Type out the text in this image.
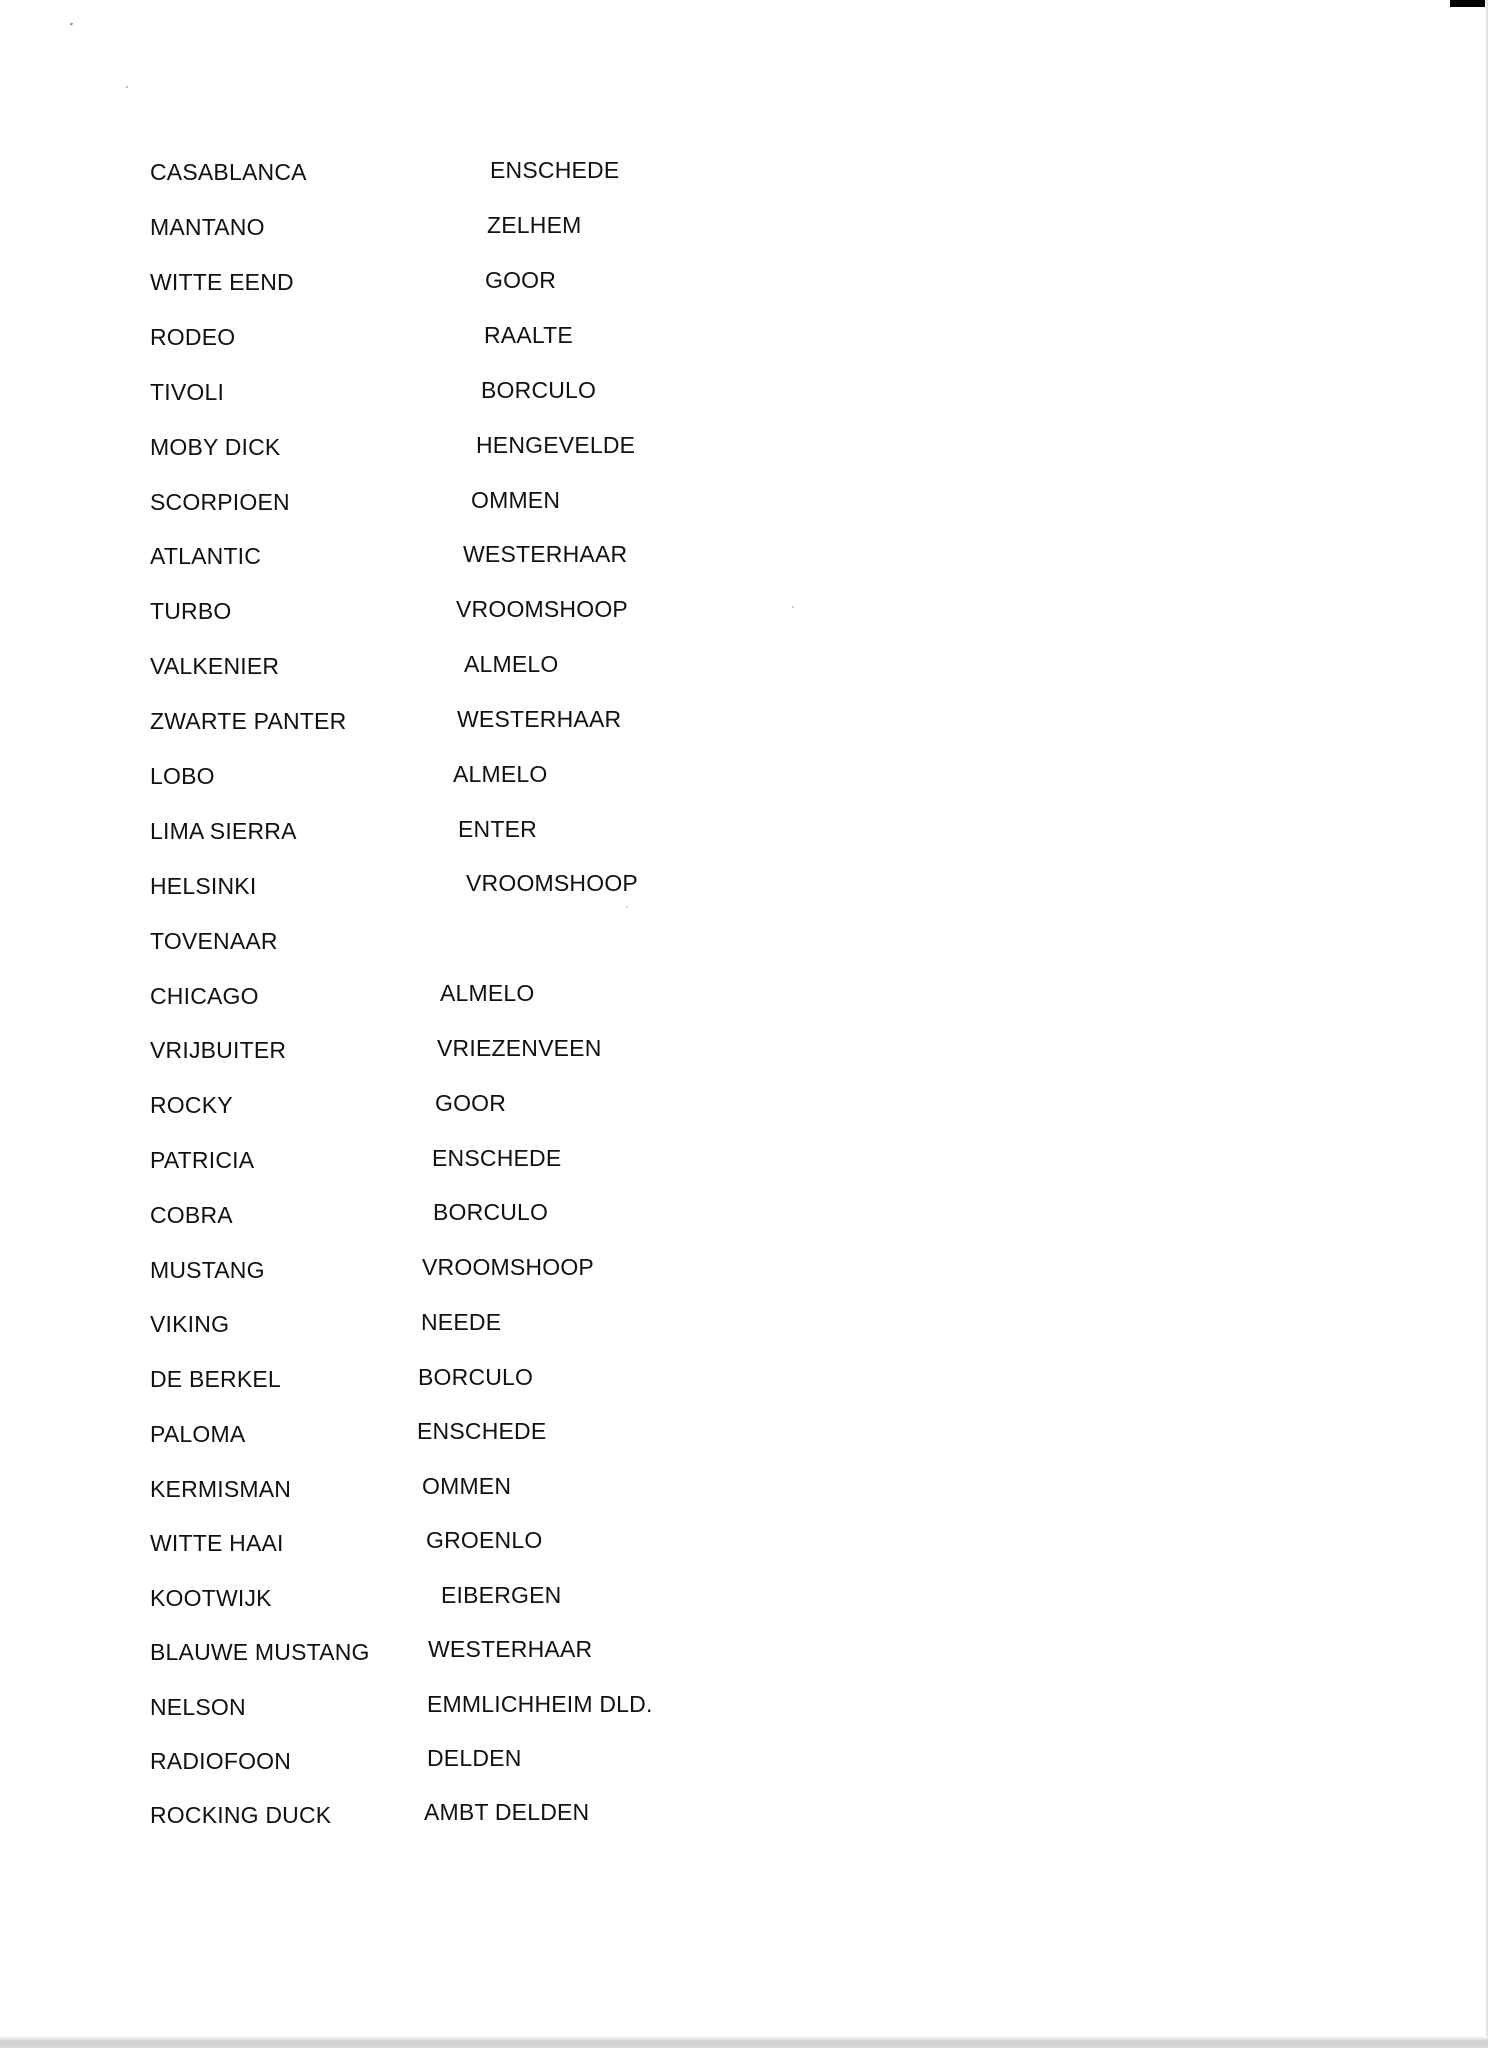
CASABLANCA	ENSCHEDE
MANTANO	ZELHEM
WITTE EEND	GOOR
RODEO	RAALTE
TIVOLI	BORCULO
MOBY DICK	HENGEVELDE
SCORPIOEN	OMMEN
ATLANTIC	WESTERHAAR
TURBO	VROOMSHOOP
VALKENIER	ALMELO
ZWARTE PANTER	WESTERHAAR
LOBO	ALMELO
LIMA SIERRA	ENTER
HELSINKI	VROOMSHOOP
TOVENAAR
CHICAGO	ALMELO
VRIJBUITER	VRIEZENVEEN
ROCKY	GOOR
PATRICIA	ENSCHEDE
COBRA	BORCULO
MUSTANG	VROOMSHOOP
VIKING	NEEDE
DE BERKEL	BORCULO
PALOMA	ENSCHEDE
KERMISMAN	OMMEN
WITTE HAAI	GROENLO
KOOTWIJK	EIBERGEN
BLAUWE MUSTANG	WESTERHAAR
NELSON	EMMLICHHEIM DLD.
RADIOFOON	DELDEN
ROCKING DUCK	AMBT DELDEN
